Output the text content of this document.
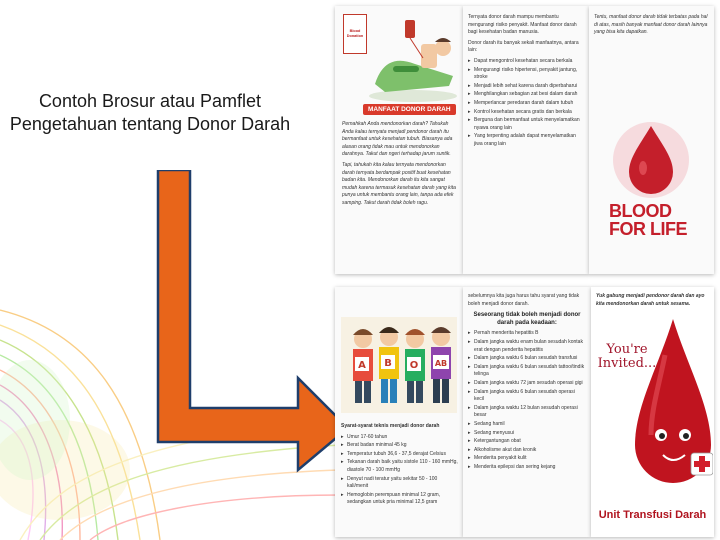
Contoh Brosur atau Pamflet Pengetahuan tentang Donor Darah
Blood Donation
MANFAAT DONOR DARAH

Pernahkah Anda mendonorkan darah? Tahukah Anda kalau ternyata menjadi pendonor darah itu bermanfaat untuk kesehatan tubuh. Biasanya ada alasan orang tidak mau untuk mendonorkan darahnya. Takut dan ngeri terhadap jarum suntik.

Tapi, tahukah kita kalau ternyata mendonorkan darah ternyata berdampak positif buat kesehatan badan kita. Mendonorkan darah itu kita sangat mudah karena termasuk kesehatan darah yang kita punya untuk membantu orang lain, tanpa ada efek samping. Takut darah tidak boleh ragu.

Ternyata donor darah mampu membantu mengurangi risiko penyakit. Manfaat donor darah bagi kesehatan badan manusia.

Donor darah itu banyak sekali manfaatnya, antara lain:

▸ Dapat mengontrol kesehatan secara berkala
▸ Mengurangi risiko hipertensi, penyakit jantung, stroke
▸ Menjadi lebih sehat karena darah diperbaharui
▸ Menghilangkan sebagian zat besi dalam darah
▸ Memperlancar peredaran darah dalam tubuh
▸ Kontrol kesehatan secara gratis dan berkala
▸ Berguna dan bermanfaat untuk menyelamatkan nyawa orang lain
▸ Yang terpenting adalah dapat menyelamatkan jiwa orang lain

Tentu, manfaat donor darah tidak terbatas pada hal di atas, masih banyak manfaat donor darah lainnya yang bisa kita dapatkan.

BLOOD
FOR LIFE
A B O AB

Syarat-syarat teknis menjadi donor darah

▸ Umur 17-60 tahun
▸ Berat badan minimal 45 kg
▸ Temperatur tubuh 36,6 - 37,5 derajat Celsius
▸ Tekanan darah baik yaitu sistole 110 - 160 mmHg, diastole 70 - 100 mmHg
▸ Denyut nadi teratur yaitu sekitar 50 - 100 kali/menit
▸ Hemoglobin perempuan minimal 12 gram, sedangkan untuk pria minimal 12,5 gram

sebelumnya kita juga harus tahu syarat yang tidak boleh menjadi donor darah.

Seseorang tidak boleh menjadi donor darah pada keadaan:
▸ Pernah menderita hepatitis B
▸ Dalam jangka waktu enam bulan sesudah kontak erat dengan penderita hepatitis
▸ Dalam jangka waktu 6 bulan sesudah transfusi
▸ Dalam jangka waktu 6 bulan sesudah tattoo/tindik telinga
▸ Dalam jangka waktu 72 jam sesudah operasi gigi
▸ Dalam jangka waktu 6 bulan sesudah operasi kecil
▸ Dalam jangka waktu 12 bulan sesudah operasi besar
▸ Sedang hamil
▸ Sedang menyusui
▸ Ketergantungan obat
▸ Alkoholisme akut dan kronik
▸ Menderita penyakit kulit
▸ Menderita epilepsi dan sering kejang

Yuk gabung menjadi pendonor darah dan ayo kita mendonorkan darah untuk sesama.

You're
Invited...
Unit Transfusi Darah
